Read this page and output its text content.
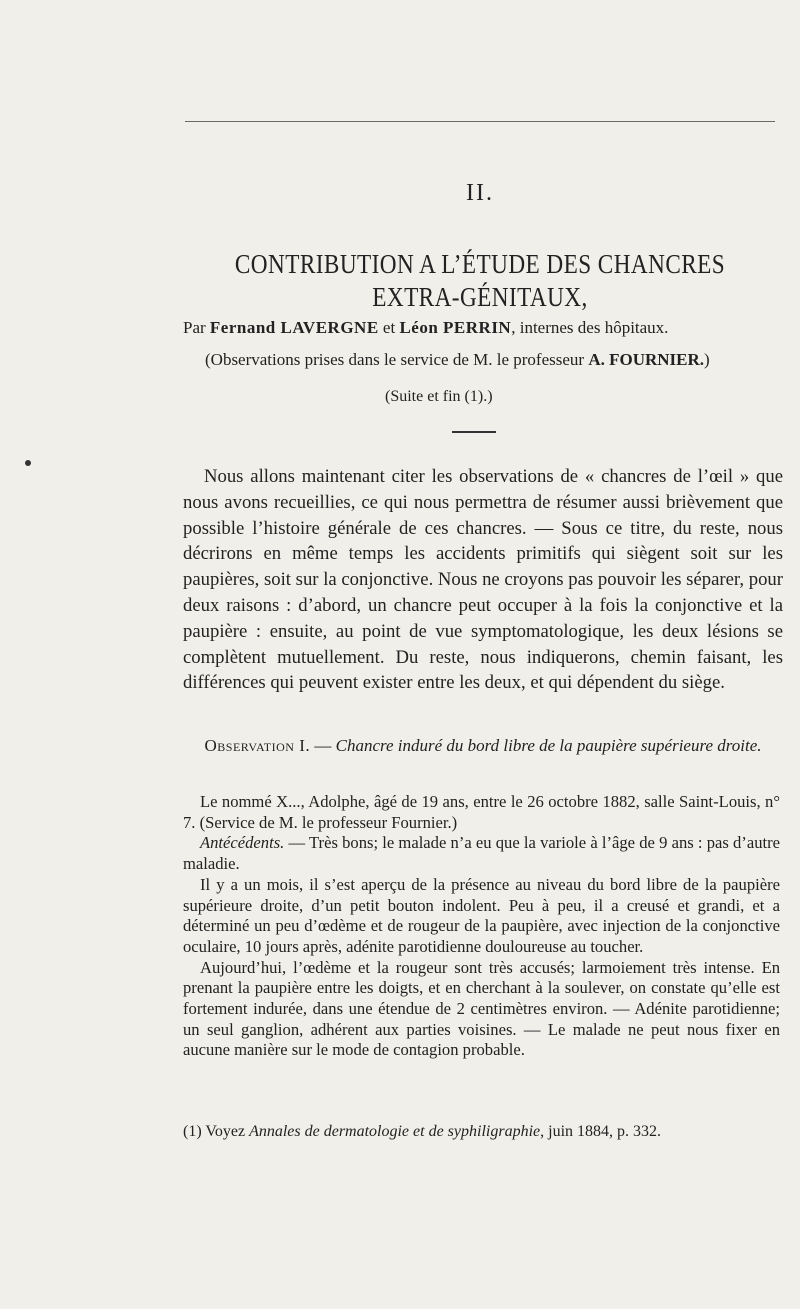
II.
CONTRIBUTION A L’ÉTUDE DES CHANCRES
EXTRA-GÉNITAUX,
Par Fernand LAVERGNE et Léon PERRIN, internes des hôpitaux.
(Observations prises dans le service de M. le professeur A. FOURNIER.)
(Suite et fin (1).)

Nous allons maintenant citer les observations de « chancres de l’œil » que nous avons recueillies, ce qui nous permettra de résumer aussi brièvement que possible l’histoire générale de ces chancres. — Sous ce titre, du reste, nous décrirons en même temps les accidents primitifs qui siègent soit sur les paupières, soit sur la conjonctive. Nous ne croyons pas pouvoir les séparer, pour deux raisons : d’abord, un chancre peut occuper à la fois la conjonctive et la paupière : ensuite, au point de vue symptomatologique, les deux lésions se complètent mutuellement. Du reste, nous indiquerons, chemin faisant, les différences qui peuvent exister entre les deux, et qui dépendent du siège.

Observation I. — Chancre induré du bord libre de la paupière supérieure droite.

Le nommé X..., Adolphe, âgé de 19 ans, entre le 26 octobre 1882, salle Saint-Louis, n° 7. (Service de M. le professeur Fournier.)

Antécédents. — Très bons; le malade n’a eu que la variole à l’âge de 9 ans : pas d’autre maladie.

Il y a un mois, il s’est aperçu de la présence au niveau du bord libre de la paupière supérieure droite, d’un petit bouton indolent. Peu à peu, il a creusé et grandi, et a déterminé un peu d’œdème et de rougeur de la paupière, avec injection de la conjonctive oculaire, 10 jours après, adénite parotidienne douloureuse au toucher.

Aujourd’hui, l’œdème et la rougeur sont très accusés; larmoiement très intense. En prenant la paupière entre les doigts, et en cherchant à la soulever, on constate qu’elle est fortement indurée, dans une étendue de 2 centimètres environ. — Adénite parotidienne; un seul ganglion, adhérent aux parties voisines. — Le malade ne peut nous fixer en aucune manière sur le mode de contagion probable.

(1) Voyez Annales de dermatologie et de syphiligraphie, juin 1884, p. 332.
